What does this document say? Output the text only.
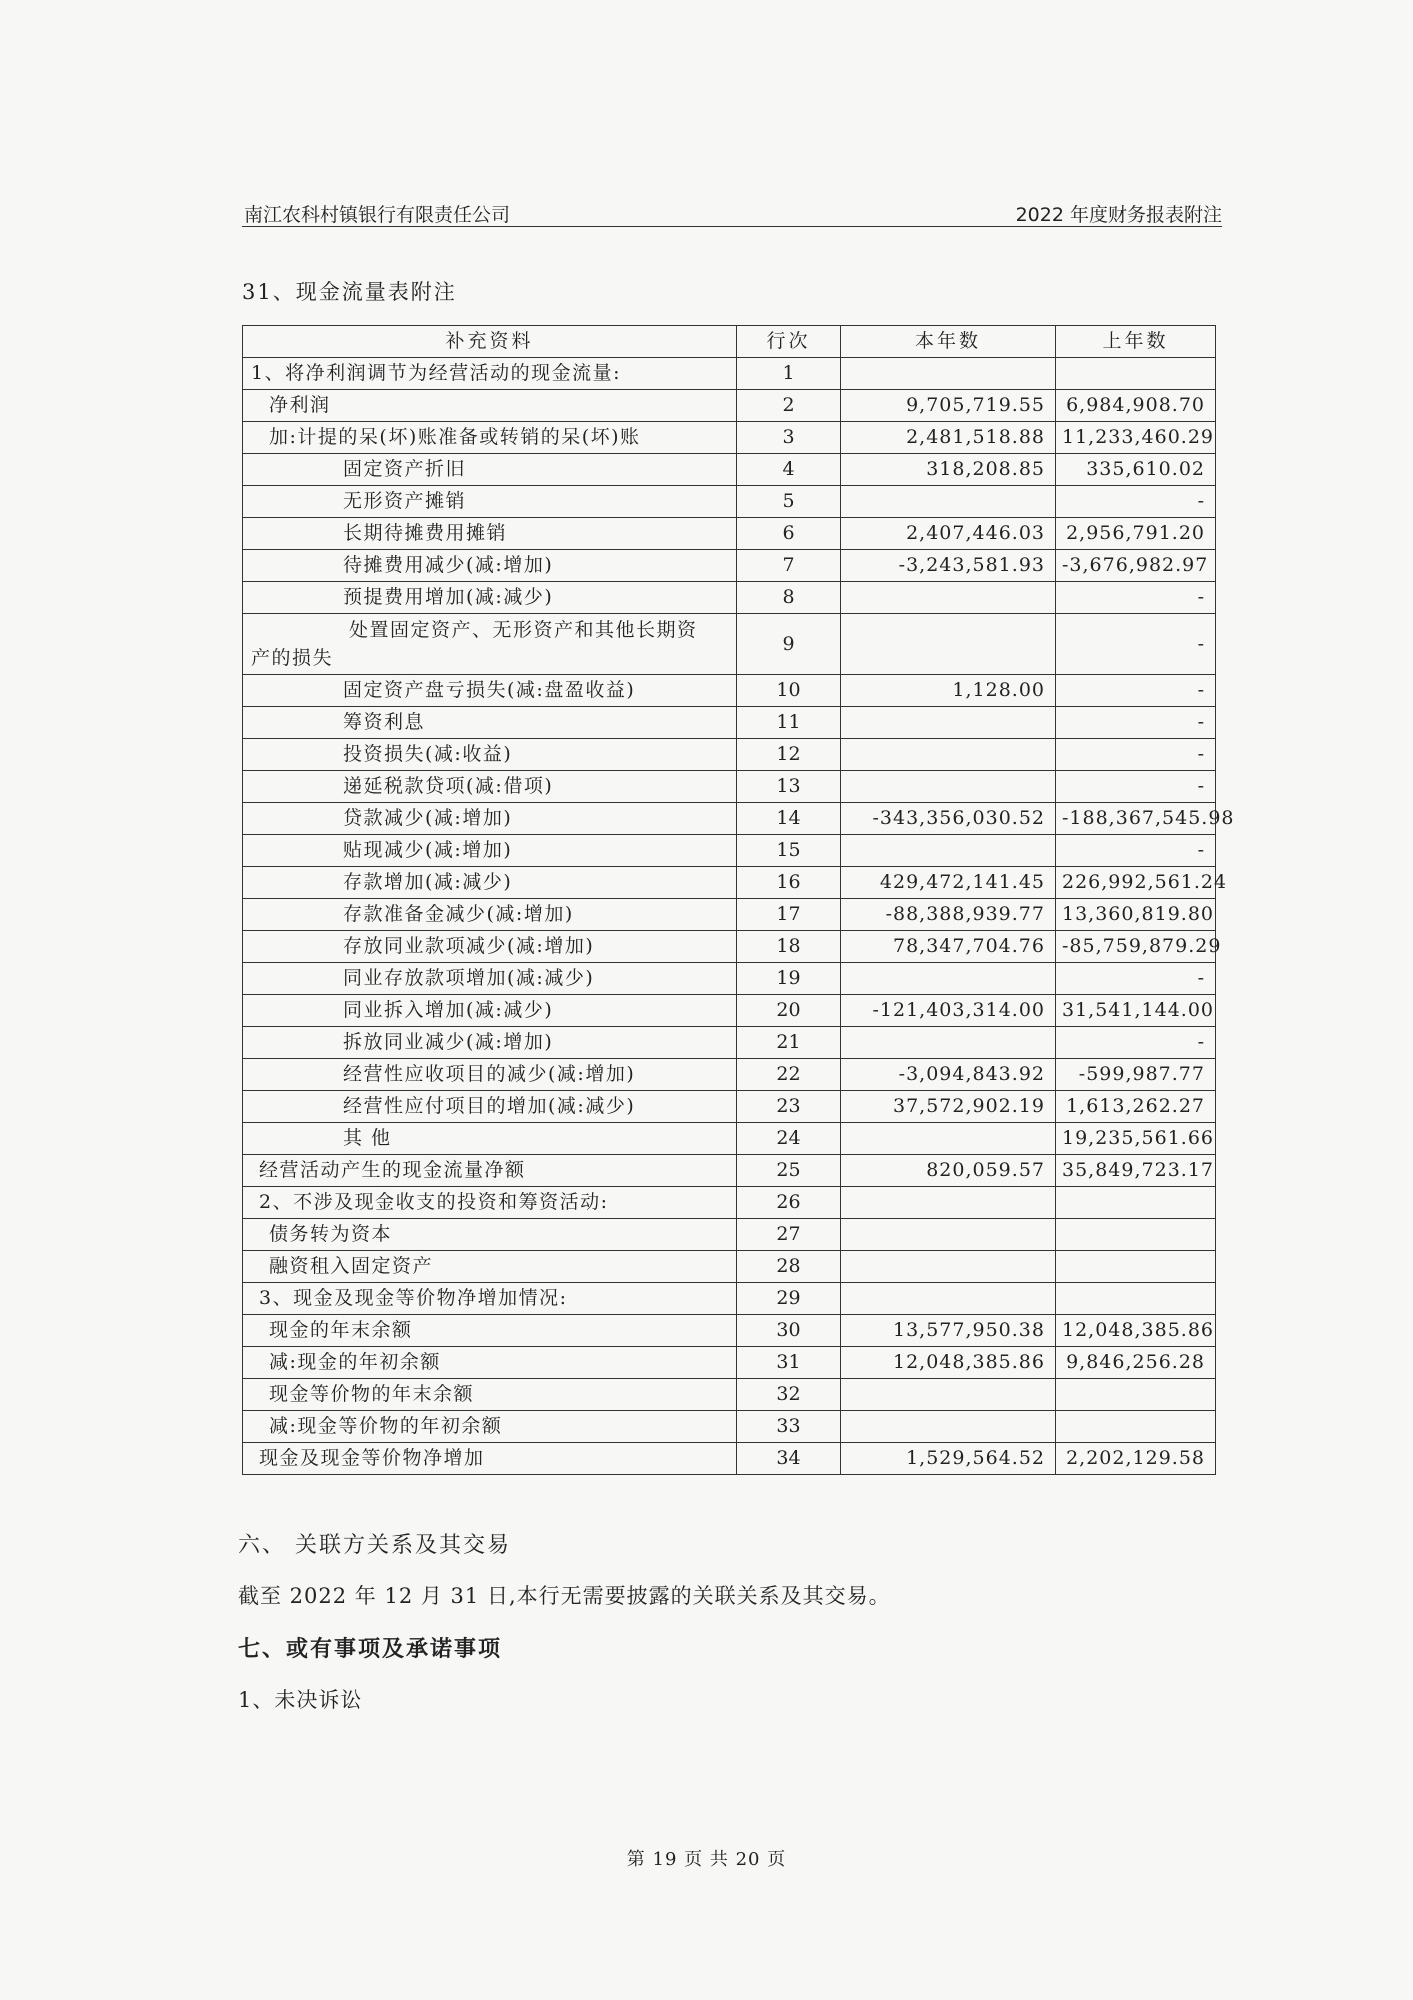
南江农科村镇银行有限责任公司	2022 年度财务报表附注
31、现金流量表附注
补充资料	行次	本年数	上年数
1、将净利润调节为经营活动的现金流量:	1		
净利润	2	9,705,719.55	6,984,908.70
加:计提的呆(坏)账准备或转销的呆(坏)账	3	2,481,518.88	11,233,460.29
固定资产折旧	4	318,208.85	335,610.02
无形资产摊销	5		-
长期待摊费用摊销	6	2,407,446.03	2,956,791.20
待摊费用减少(减:增加)	7	-3,243,581.93	-3,676,982.97
预提费用增加(减:减少)	8		-

处置固定资产、无形资产和其他长期资
产的损失	9		-
固定资产盘亏损失(减:盘盈收益)	10	1,128.00	-
筹资利息	11		-
投资损失(减:收益)	12		-
递延税款贷项(减:借项)	13		-
贷款减少(减:增加)	14	-343,356,030.52	-188,367,545.98
贴现减少(减:增加)	15		-
存款增加(减:减少)	16	429,472,141.45	226,992,561.24
存款准备金减少(减:增加)	17	-88,388,939.77	13,360,819.80
存放同业款项减少(减:增加)	18	78,347,704.76	-85,759,879.29
同业存放款项增加(减:减少)	19		-
同业拆入增加(减:减少)	20	-121,403,314.00	31,541,144.00
拆放同业减少(减:增加)	21		-
经营性应收项目的减少(减:增加)	22	-3,094,843.92	-599,987.77
经营性应付项目的增加(减:减少)	23	37,572,902.19	1,613,262.27
其 他	24		19,235,561.66
经营活动产生的现金流量净额	25	820,059.57	35,849,723.17
2、不涉及现金收支的投资和筹资活动:	26		
债务转为资本	27		
融资租入固定资产	28		
3、现金及现金等价物净增加情况:	29		
现金的年末余额	30	13,577,950.38	12,048,385.86
减:现金的年初余额	31	12,048,385.86	9,846,256.28
现金等价物的年末余额	32		
减:现金等价物的年初余额	33		
现金及现金等价物净增加	34	1,529,564.52	2,202,129.58
六、 关联方关系及其交易
截至 2022 年 12 月 31 日,本行无需要披露的关联关系及其交易。
七、或有事项及承诺事项
1、未决诉讼
第 19 页 共 20 页
